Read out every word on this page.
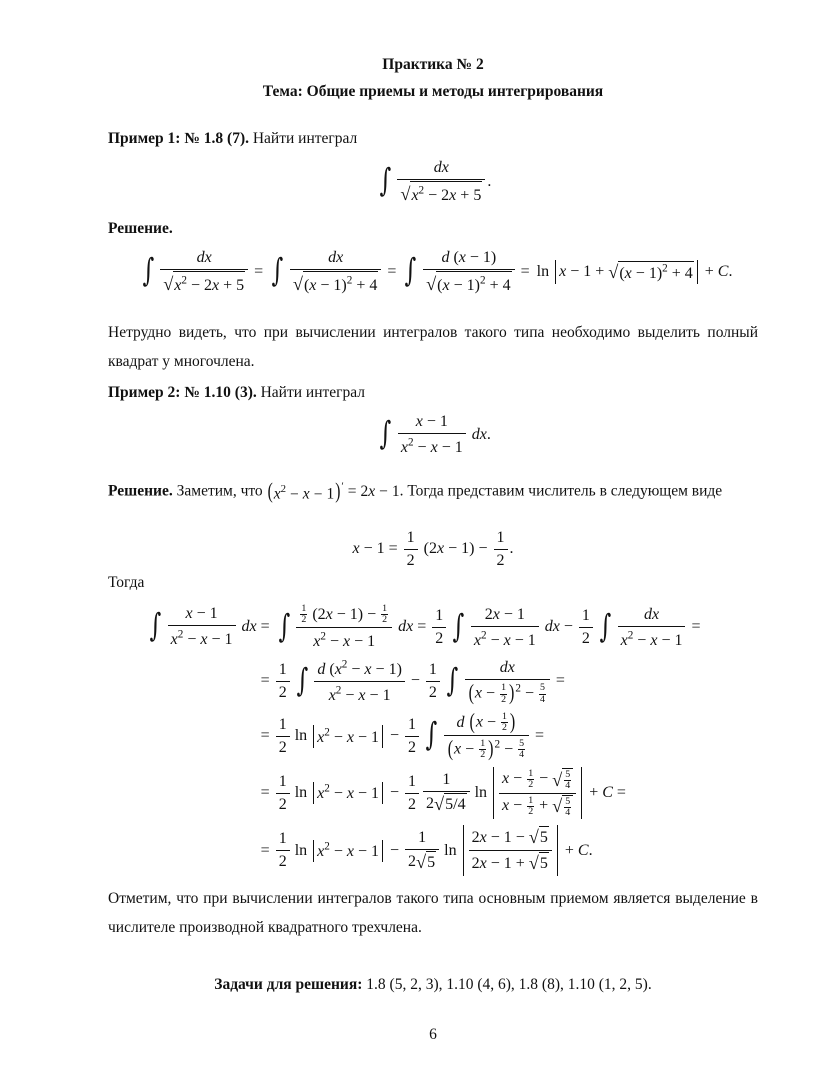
Практика № 2
Тема: Общие приемы и методы интегрирования
Пример 1: № 1.8 (7). Найти интеграл
∫ $\frac{dx}{√ x^2 - 2x + 5}$ .
Решение.
∫ $\frac{dx}{√ x^2 - 2x + 5}$ = ∫ $\frac{dx}{√ (x - 1)^2 + 4}$ = ∫ $\frac{d (x - 1)}{√ (x - 1)^2 + 4} = \ln x - 1$ + √ $(x - 1)^2 + 4 + C$.
Нетрудно видеть, что при вычислении интегралов такого типа необходимо выделить полный квадрат у многочлена.
Пример 2: № 1.10 (3). Найти интеграл
∫ $\frac{x - 1}{x^2 - x - 1}$ dx.
Решение. Заметим, что ( $x^2 - x - 1$ ) ′ = 2x − 1. Тогда представим числитель в следующем виде
$x - 1 = \frac{1}{2} (2x - 1) - \frac{1}{2}$ .
Тогда
∫ $\frac{x - 1}{x^2 - x - 1}$ dx = ∫ $\frac{\frac{1}{2} (2x - 1) - \frac{1}{2}}{x^2 - x - 1}$ dx = $\frac{1}{2}$ ∫ $\frac{2x - 1}{x^2 - x - 1}$ dx − $\frac{1}{2}$ ∫ $\frac{dx}{x^2 - x - 1}$ =
= $\frac{1}{2}$ ∫ $\frac{d (x^2 - x - 1)}{x^2 - x - 1} - \frac{1}{2}$ ∫ $\frac{dx}{( x - \frac{1}{2} ) ^2 - \frac{5}{4}}$ =
= $\frac{1}{2}$ $\ln x^2 - x - 1 - \frac{1}{2}$ ∫ $\frac{d ( x - \frac{1}{2} )}{( x - \frac{1}{2} ) ^2 - \frac{5}{4}}$ =
= $\frac{1}{2}$ $\ln x^2 - x - 1 - \frac{1}{2} \frac{1}{2 √ 5/4}$ $\ln \frac{x - \frac{1}{2} - √ \frac{5}{4}}{x - \frac{1}{2} + √ \frac{5}{4}} + C$ =
= $\frac{1}{2}$ $\ln x^2 - x - 1 - \frac{1}{2 √ 5}$ $\ln \frac{2x - 1 - √ 5}{2x - 1 + √ 5} + C$.
Отметим, что при вычислении интегралов такого типа основным приемом является выделение в числителе производной квадратного трехчлена.
Задачи для решения: 1.8 (5, 2, 3), 1.10 (4, 6), 1.8 (8), 1.10 (1, 2, 5).
6
